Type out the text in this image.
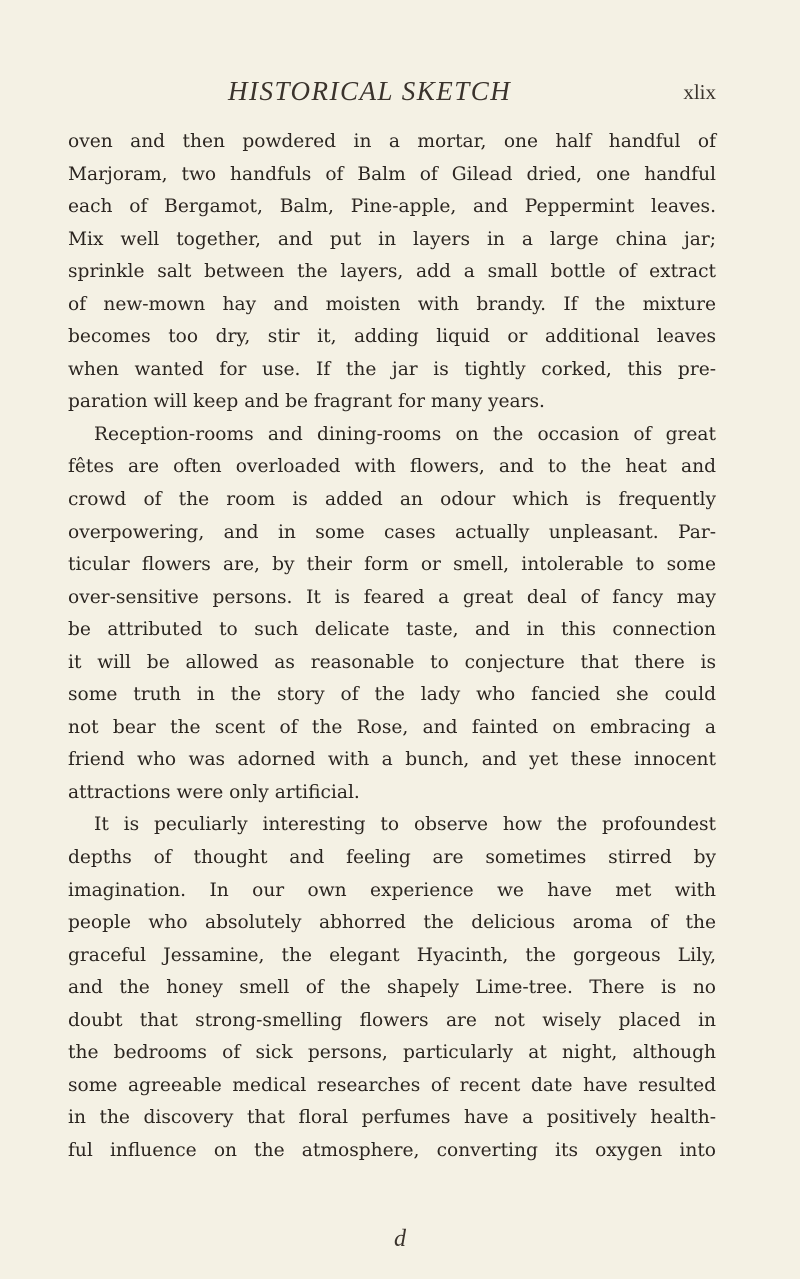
HISTORICAL SKETCH	xlix
oven and then powdered in a mortar, one half handful of
Marjoram, two handfuls of Balm of Gilead dried, one handful
each of Bergamot, Balm, Pine-apple, and Peppermint leaves.
Mix well together, and put in layers in a large china jar;
sprinkle salt between the layers, add a small bottle of extract
of new-mown hay and moisten with brandy. If the mixture
becomes too dry, stir it, adding liquid or additional leaves
when wanted for use. If the jar is tightly corked, this pre-
paration will keep and be fragrant for many years.
Reception-rooms and dining-rooms on the occasion of great
fêtes are often overloaded with flowers, and to the heat and
crowd of the room is added an odour which is frequently
overpowering, and in some cases actually unpleasant. Par-
ticular flowers are, by their form or smell, intolerable to some
over-sensitive persons. It is feared a great deal of fancy may
be attributed to such delicate taste, and in this connection
it will be allowed as reasonable to conjecture that there is
some truth in the story of the lady who fancied she could
not bear the scent of the Rose, and fainted on embracing a
friend who was adorned with a bunch, and yet these innocent
attractions were only artificial.
It is peculiarly interesting to observe how the profoundest
depths of thought and feeling are sometimes stirred by
imagination. In our own experience we have met with
people who absolutely abhorred the delicious aroma of the
graceful Jessamine, the elegant Hyacinth, the gorgeous Lily,
and the honey smell of the shapely Lime-tree. There is no
doubt that strong-smelling flowers are not wisely placed in
the bedrooms of sick persons, particularly at night, although
some agreeable medical researches of recent date have resulted
in the discovery that floral perfumes have a positively health-
ful influence on the atmosphere, converting its oxygen into
d
